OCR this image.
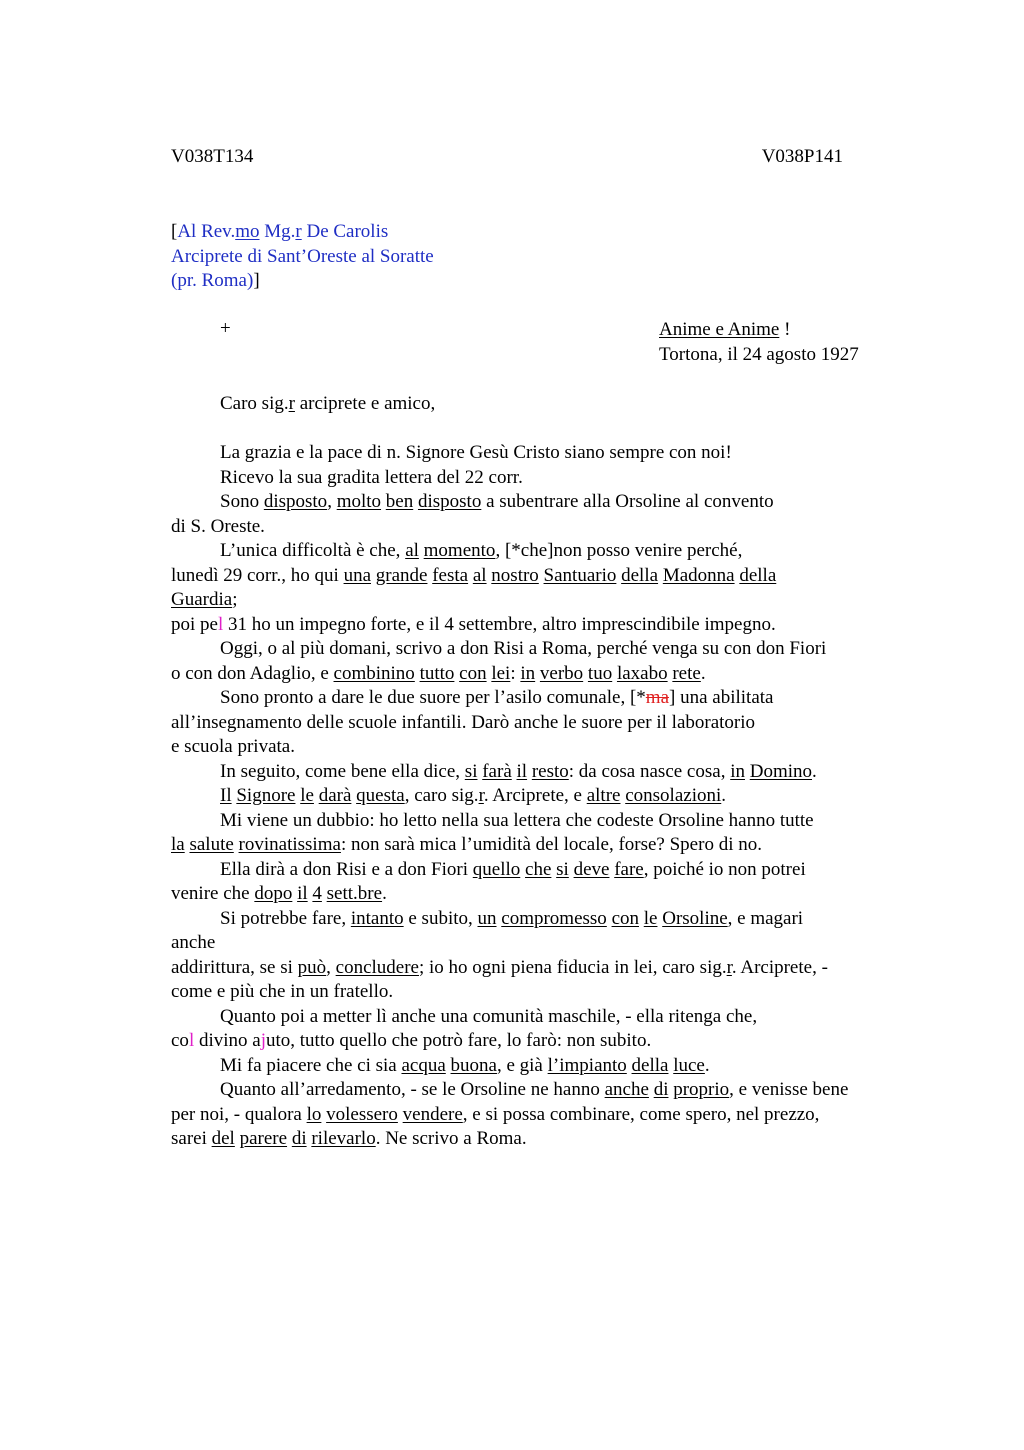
V038T134	V038P141
[Al Rev.mo Mg.r De Carolis
Arciprete di Sant’Oreste al Soratte
(pr. Roma)]
+	Anime e Anime !
Tortona, il 24 agosto 1927

Caro sig.r arciprete e amico,

La grazia e la pace di n. Signore Gesù Cristo siano sempre con noi!

Ricevo la sua gradita lettera del 22 corr.

Sono disposto, molto ben disposto a subentrare alla Orsoline al convento

di S. Oreste.

L’unica difficoltà è che, al momento, [*che]non posso venire perché,

lunedì 29 corr., ho qui una grande festa al nostro Santuario della Madonna della

Guardia;

poi pel 31 ho un impegno forte, e il 4 settembre, altro imprescindibile impegno.

Oggi, o al più domani, scrivo a don Risi a Roma, perché venga su con don Fiori

o con don Adaglio, e combinino tutto con lei: in verbo tuo laxabo rete.

Sono pronto a dare le due suore per l’asilo comunale, [*ma] una abilitata

all’insegnamento delle scuole infantili. Darò anche le suore per il laboratorio

e scuola privata.

In seguito, come bene ella dice, si farà il resto: da cosa nasce cosa, in Domino.

Il Signore le darà questa, caro sig.r. Arciprete, e altre consolazioni.

Mi viene un dubbio: ho letto nella sua lettera che codeste Orsoline hanno tutte

la salute rovinatissima: non sarà mica l’umidità del locale, forse? Spero di no.

Ella dirà a don Risi e a don Fiori quello che si deve fare, poiché io non potrei

venire che dopo il 4 sett.bre.

Si potrebbe fare, intanto e subito, un compromesso con le Orsoline, e magari

anche

addirittura, se si può, concludere; io ho ogni piena fiducia in lei, caro sig.r. Arciprete, -

come e più che in un fratello.

Quanto poi a metter lì anche una comunità maschile, - ella ritenga che,

col divino ajuto, tutto quello che potrò fare, lo farò: non subito.

Mi fa piacere che ci sia acqua buona, e già l’impianto della luce.

Quanto all’arredamento, - se le Orsoline ne hanno anche di proprio, e venisse bene

per noi, - qualora lo volessero vendere, e si possa combinare, come spero, nel prezzo,

sarei del parere di rilevarlo. Ne scrivo a Roma.
